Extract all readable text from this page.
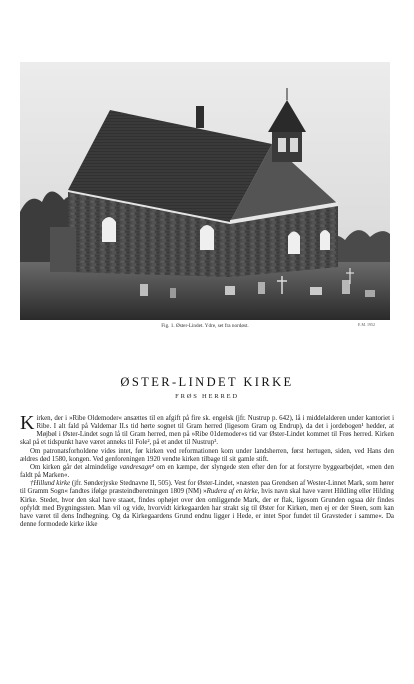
Fig. 1. Øster-Lindet. Ydre, set fra nordøst.	E.M. 1952
ØSTER-LINDET KIRKE
FRØS HERRED

Kirken, der i »Ribe Oldemoder« ansættes til en afgift på fire sk. engelsk (jfr. Nustrup p. 642), lå i middelalderen under kantoriet i Ribe. I alt fald på Valdemar II.s tid hørte sognet til Gram herred (ligesom Gram og Endrup), da det i jordebogen¹ hedder, at Møjbøl i Øster-Lindet sogn lå til Gram herred, men på »Ribe 01demoder«s tid var Øster-Lindet kommet til Frøs herred. Kirken skal på et tidspunkt have været anneks til Fole², på et andet til Nustrup³.

Om patronatsforholdene vides intet, før kirken ved reformationen kom under landsherren, først hertugen, siden, ved Hans den ældres død 1580, kongen. Ved genforeningen 1920 vendte kirken tilbage til sit gamle stift.

Om kirken går det almindelige vandresagn⁴ om en kæmpe, der slyngede sten efter den for at forstyrre byggearbejdet, »men den faldt på Marken«.

†Hillund kirke (jfr. Sønderjyske Stednavne II, 505). Vest for Øster-Lindet, »næsten paa Grendsen af Wester-Linnet Mark, som hører til Gramm Sogn« fandtes ifølge præsteindberetningen 1809 (NM) »Rudera af en kirke, hvis navn skal have været Hildling eller Hilding Kirke. Stedet, hvor den skal have staaet, findes ophøjet over den omliggende Mark, der er flak, ligesom Grunden ogsaa dér findes opfyldt med Bygningssten. Man vil og vide, hvorvidt kirkegaarden har strakt sig til Øster for Kirken, men ej er der Steen, som kan have været til dens Indhegning. Og da Kirkegaardens Grund endnu ligger i Hede, er intet Spor fundet til Gravsteder i samme«. Da denne formodede kirke ikke
